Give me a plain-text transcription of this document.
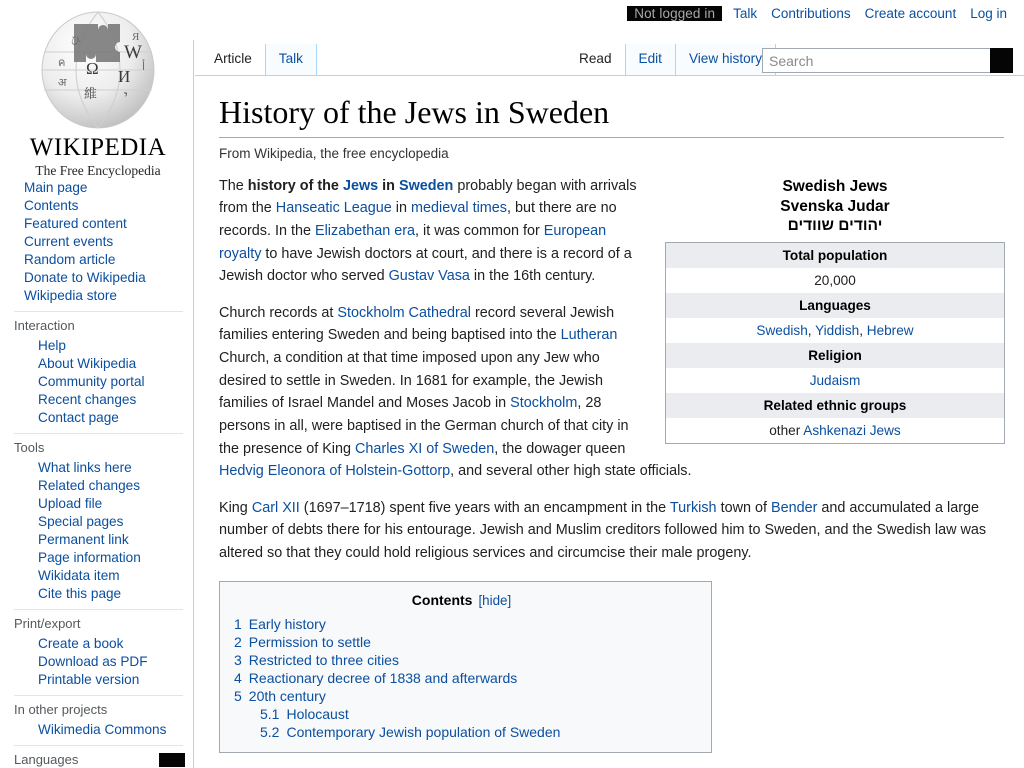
Not logged in	Talk	Contributions	Create account	Log in
W
Ω И
維 י
ค
अ
أ
ひ	Я
WIKIPEDIA
The Free Encyclopedia
Main page
Contents
Featured content
Current events
Random article
Donate to Wikipedia
Wikipedia store
Interaction
Help
About Wikipedia
Community portal
Recent changes
Contact page
Tools
What links here
Related changes
Upload file
Special pages
Permanent link
Page information
Wikidata item
Cite this page
Print/export
Create a book
Download as PDF
Printable version
In other projects
Wikimedia Commons
Languages
Article	Talk	Read	Edit	View history
Search
History of the Jews in Sweden
From Wikipedia, the free encyclopedia
Swedish Jews
Svenska Judar
יהודים שוודים
Total population
20,000
Languages
Swedish, Yiddish, Hebrew
Religion
Judaism
Related ethnic groups
other Ashkenazi Jews

The history of the Jews in Sweden probably began with arrivals from the Hanseatic League in medieval times, but there are no records. In the Elizabethan era, it was common for European royalty to have Jewish doctors at court, and there is a record of a Jewish doctor who served Gustav Vasa in the 16th century.

Church records at Stockholm Cathedral record several Jewish families entering Sweden and being baptised into the Lutheran Church, a condition at that time imposed upon any Jew who desired to settle in Sweden. In 1681 for example, the Jewish families of Israel Mandel and Moses Jacob in Stockholm, 28 persons in all, were baptised in the German church of that city in the presence of King Charles XI of Sweden, the dowager queen Hedvig Eleonora of Holstein-Gottorp, and several other high state officials.

King Carl XII (1697–1718) spent five years with an encampment in the Turkish town of Bender and accumulated a large number of debts there for his entourage. Jewish and Muslim creditors followed him to Sweden, and the Swedish law was altered so that they could hold religious services and circumcise their male progeny.

Contents [hide]
1 Early history
2 Permission to settle
3 Restricted to three cities
4 Reactionary decree of 1838 and afterwards
5 20th century
5.1 Holocaust
5.2 Contemporary Jewish population of Sweden
